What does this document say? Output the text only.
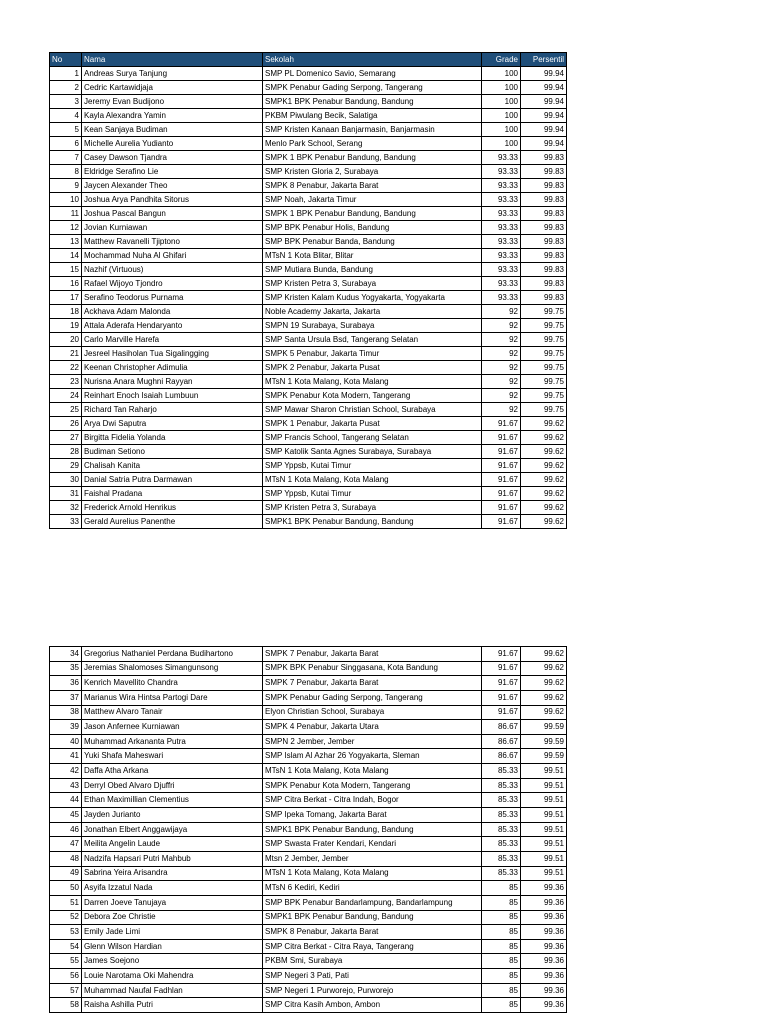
No	Nama	Sekolah	Grade	Persentil
1	Andreas Surya Tanjung	SMP PL Domenico Savio, Semarang	100	99.94
2	Cedric Kartawidjaja	SMPK Penabur Gading Serpong, Tangerang	100	99.94
3	Jeremy Evan Budijono	SMPK1 BPK Penabur Bandung, Bandung	100	99.94
4	Kayla Alexandra Yamin	PKBM Piwulang Becik, Salatiga	100	99.94
5	Kean Sanjaya Budiman	SMP Kristen Kanaan Banjarmasin, Banjarmasin	100	99.94
6	Michelle Aurelia Yudianto	Menlo Park School, Serang	100	99.94
7	Casey Dawson Tjandra	SMPK 1 BPK Penabur Bandung, Bandung	93.33	99.83
8	Eldridge Serafino Lie	SMP Kristen Gloria 2, Surabaya	93.33	99.83
9	Jaycen Alexander Theo	SMPK 8 Penabur, Jakarta Barat	93.33	99.83
10	Joshua Arya Pandhita Sitorus	SMP Noah, Jakarta Timur	93.33	99.83
11	Joshua Pascal Bangun	SMPK 1 BPK Penabur Bandung, Bandung	93.33	99.83
12	Jovian Kurniawan	SMP BPK Penabur Holis, Bandung	93.33	99.83
13	Matthew Ravanelli Tjiptono	SMP BPK Penabur Banda, Bandung	93.33	99.83
14	Mochammad Nuha Al Ghifari	MTsN 1 Kota Blitar, Blitar	93.33	99.83
15	Nazhif (Virtuous)	SMP Mutiara Bunda, Bandung	93.33	99.83
16	Rafael Wijoyo Tjondro	SMP Kristen Petra 3, Surabaya	93.33	99.83
17	Serafino Teodorus Purnama	SMP Kristen Kalam Kudus Yogyakarta, Yogyakarta	93.33	99.83
18	Ackhava Adam Malonda	Noble Academy Jakarta, Jakarta	92	99.75
19	Attala Aderafa Hendaryanto	SMPN 19 Surabaya, Surabaya	92	99.75
20	Carlo Marville Harefa	SMP Santa Ursula Bsd, Tangerang Selatan	92	99.75
21	Jesreel Hasiholan Tua Sigalingging	SMPK 5 Penabur, Jakarta Timur	92	99.75
22	Keenan Christopher Adimulia	SMPK 2 Penabur, Jakarta Pusat	92	99.75
23	Nurisna Anara Mughni Rayyan	MTsN 1 Kota Malang, Kota Malang	92	99.75
24	Reinhart Enoch Isaiah Lumbuun	SMPK Penabur Kota Modern, Tangerang	92	99.75
25	Richard Tan Raharjo	SMP Mawar Sharon Christian School, Surabaya	92	99.75
26	Arya Dwi Saputra	SMPK 1 Penabur, Jakarta Pusat	91.67	99.62
27	Birgitta Fidelia Yolanda	SMP Francis School, Tangerang Selatan	91.67	99.62
28	Budiman Setiono	SMP Katolik Santa Agnes Surabaya, Surabaya	91.67	99.62
29	Chalisah Kanita	SMP Yppsb, Kutai Timur	91.67	99.62
30	Danial Satria Putra Darmawan	MTsN 1 Kota Malang, Kota Malang	91.67	99.62
31	Faishal Pradana	SMP Yppsb, Kutai Timur	91.67	99.62
32	Frederick Arnold Henrikus	SMP Kristen Petra 3, Surabaya	91.67	99.62
33	Gerald Aurelius Panenthe	SMPK1 BPK Penabur Bandung, Bandung	91.67	99.62
34	Gregorius Nathaniel Perdana Budihartono	SMPK 7 Penabur, Jakarta Barat	91.67	99.62
35	Jeremias Shalomoses Simangunsong	SMPK BPK Penabur Singgasana, Kota Bandung	91.67	99.62
36	Kenrich Mavellito Chandra	SMPK 7 Penabur, Jakarta Barat	91.67	99.62
37	Marianus Wira Hintsa Partogi Dare	SMPK Penabur Gading Serpong, Tangerang	91.67	99.62
38	Matthew Alvaro Tanair	Elyon Christian School, Surabaya	91.67	99.62
39	Jason Anfernee Kurniawan	SMPK 4 Penabur, Jakarta Utara	86.67	99.59
40	Muhammad Arkananta Putra	SMPN 2 Jember, Jember	86.67	99.59
41	Yuki Shafa Maheswari	SMP Islam Al Azhar 26 Yogyakarta, Sleman	86.67	99.59
42	Daffa Atha Arkana	MTsN 1 Kota Malang, Kota Malang	85.33	99.51
43	Derryl Obed Alvaro Djuffri	SMPK Penabur Kota Modern, Tangerang	85.33	99.51
44	Ethan Maximillian Clementius	SMP Citra Berkat - Citra Indah, Bogor	85.33	99.51
45	Jayden Jurianto	SMP Ipeka Tomang, Jakarta Barat	85.33	99.51
46	Jonathan Elbert Anggawijaya	SMPK1 BPK Penabur Bandung, Bandung	85.33	99.51
47	Meilita Angelin Laude	SMP Swasta Frater Kendari, Kendari	85.33	99.51
48	Nadzifa Hapsari Putri Mahbub	Mtsn 2 Jember, Jember	85.33	99.51
49	Sabrina Yeira Arisandra	MTsN 1 Kota Malang, Kota Malang	85.33	99.51
50	Asyifa Izzatul Nada	MTsN 6 Kediri, Kediri	85	99.36
51	Darren Joeve Tanujaya	SMP BPK Penabur Bandarlampung, Bandarlampung	85	99.36
52	Debora Zoe Christie	SMPK1 BPK Penabur Bandung, Bandung	85	99.36
53	Emily Jade Limi	SMPK 8 Penabur, Jakarta Barat	85	99.36
54	Glenn Wilson Hardian	SMP Citra Berkat - Citra Raya, Tangerang	85	99.36
55	James Soejono	PKBM Smi, Surabaya	85	99.36
56	Louie Narotama Oki Mahendra	SMP Negeri 3 Pati, Pati	85	99.36
57	Muhammad Naufal Fadhlan	SMP Negeri 1 Purworejo, Purworejo	85	99.36
58	Raisha Ashilla Putri	SMP Citra Kasih Ambon, Ambon	85	99.36
